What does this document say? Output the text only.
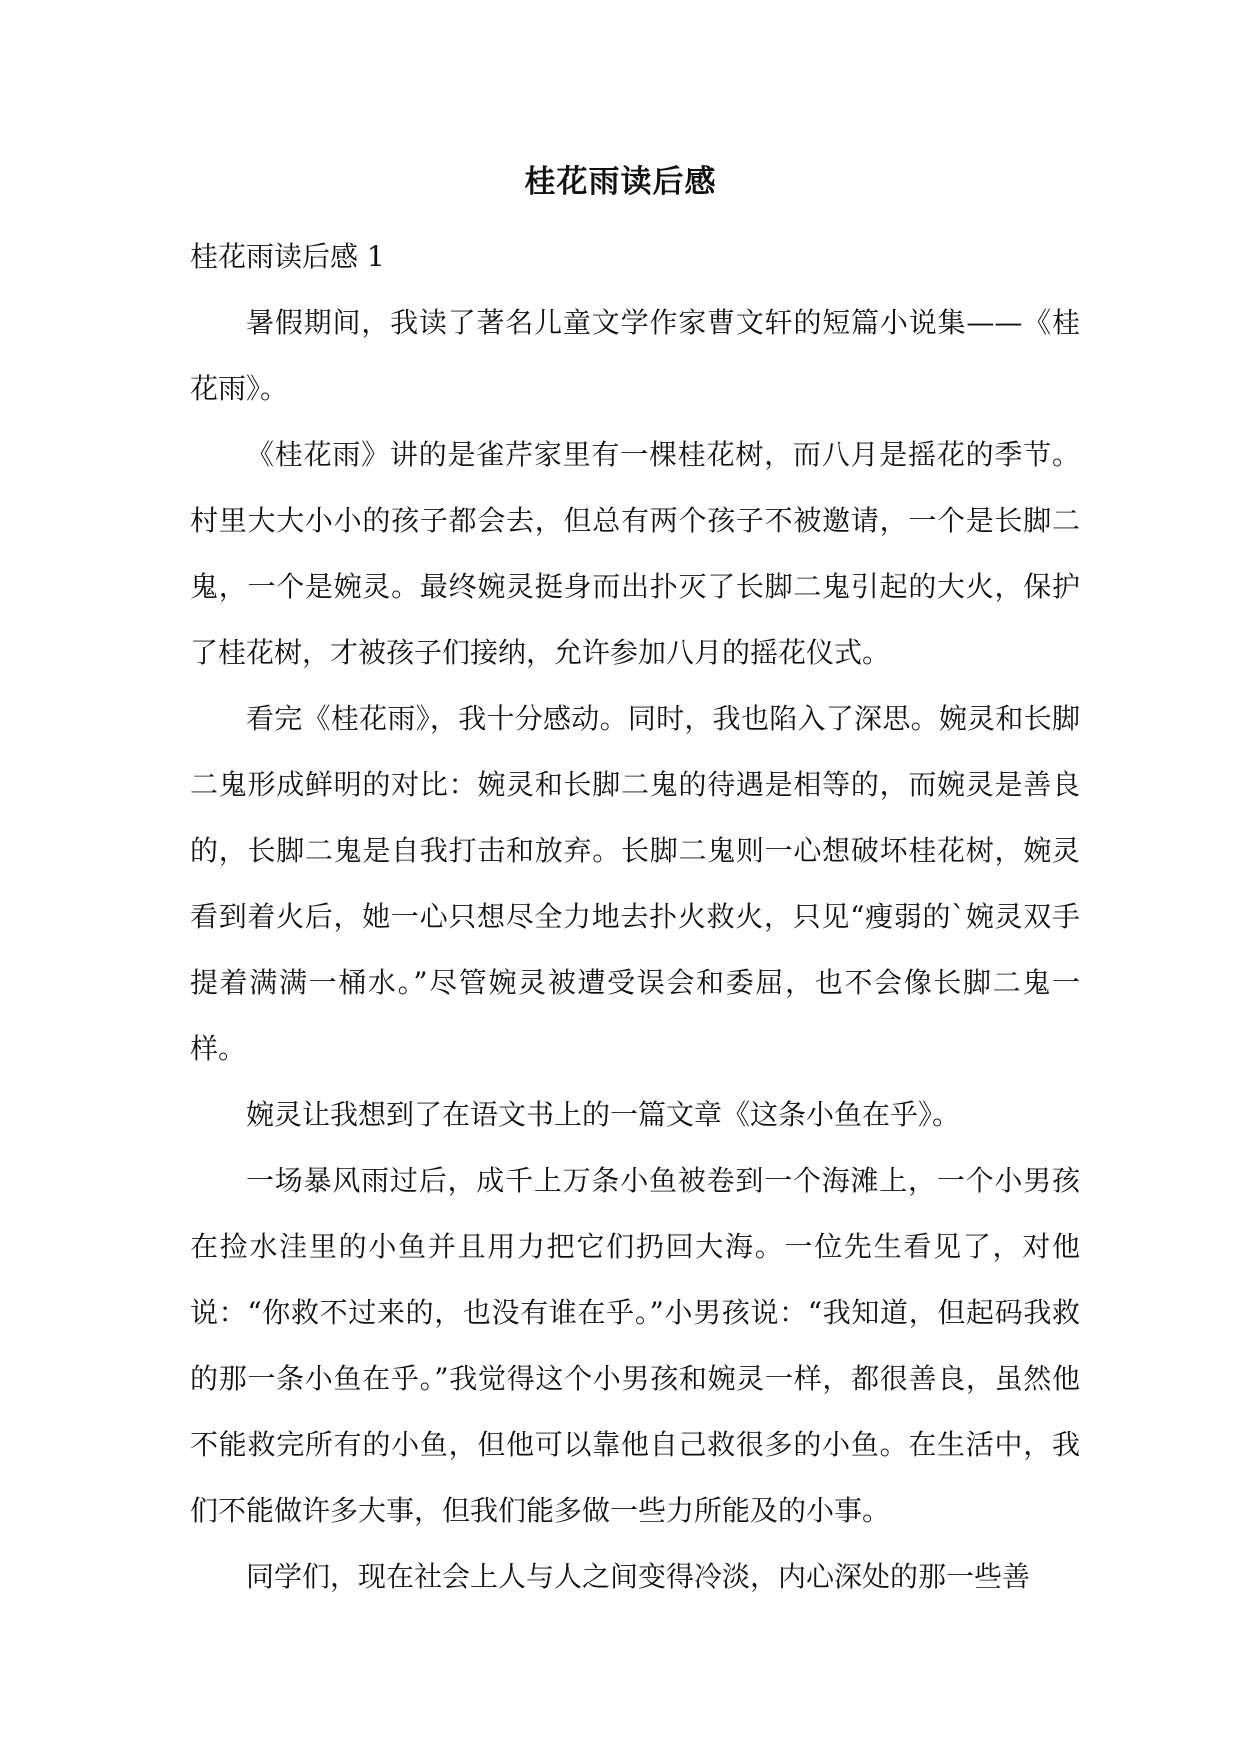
桂花雨读后感

桂花雨读后感 1

暑假期间，我读了著名儿童文学作家曹文轩的短篇小说集——《桂花雨》。

《桂花雨》讲的是雀芹家里有一棵桂花树，而八月是摇花的季节。村里大大小小的孩子都会去，但总有两个孩子不被邀请，一个是长脚二鬼，一个是婉灵。最终婉灵挺身而出扑灭了长脚二鬼引起的大火，保护了桂花树，才被孩子们接纳，允许参加八月的摇花仪式。

看完《桂花雨》，我十分感动。同时，我也陷入了深思。婉灵和长脚二鬼形成鲜明的对比：婉灵和长脚二鬼的待遇是相等的，而婉灵是善良的，长脚二鬼是自我打击和放弃。长脚二鬼则一心想破坏桂花树，婉灵看到着火后，她一心只想尽全力地去扑火救火，只见“瘦弱的`婉灵双手提着满满一桶水。”尽管婉灵被遭受误会和委屈，也不会像长脚二鬼一样。

婉灵让我想到了在语文书上的一篇文章《这条小鱼在乎》。

一场暴风雨过后，成千上万条小鱼被卷到一个海滩上，一个小男孩在捡水洼里的小鱼并且用力把它们扔回大海。一位先生看见了，对他说：“你救不过来的，也没有谁在乎。”小男孩说：“我知道，但起码我救的那一条小鱼在乎。”我觉得这个小男孩和婉灵一样，都很善良，虽然他不能救完所有的小鱼，但他可以靠他自己救很多的小鱼。在生活中，我们不能做许多大事，但我们能多做一些力所能及的小事。

同学们，现在社会上人与人之间变得冷淡，内心深处的那一些善
